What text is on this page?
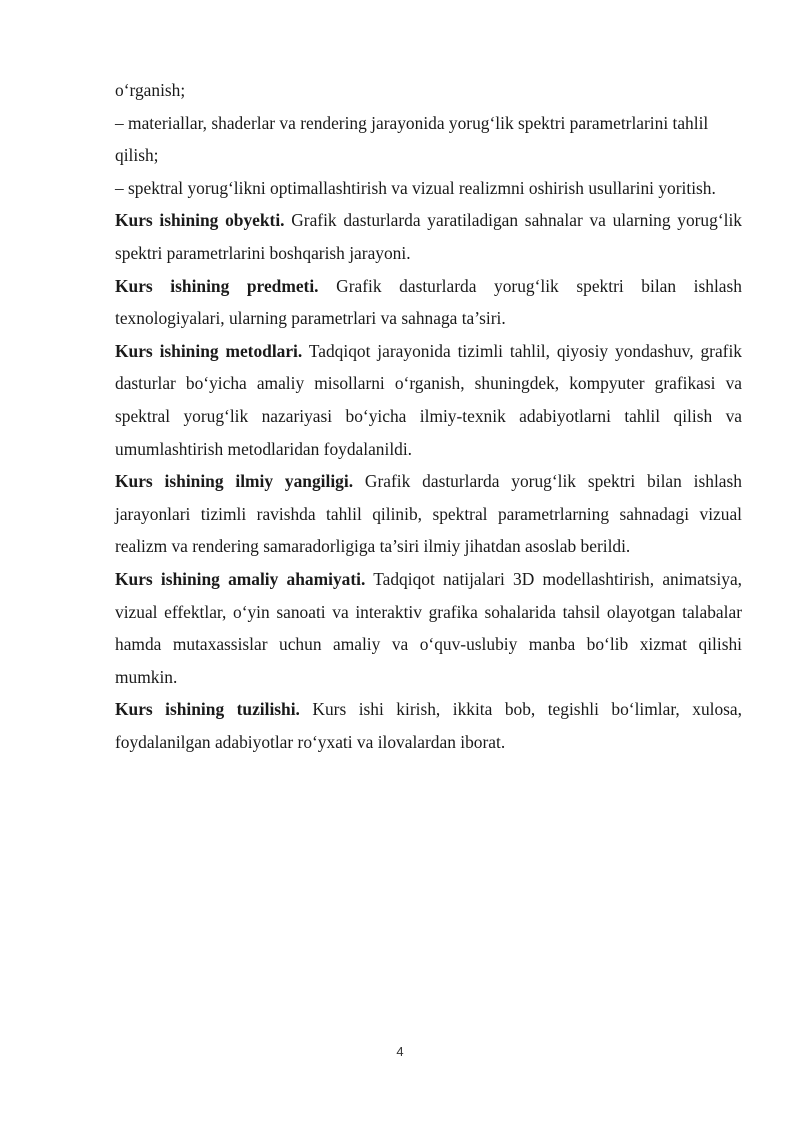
o‘rganish;

– materiallar, shaderlar va rendering jarayonida yorug‘lik spektri parametrlarini tahlil qilish;

– spektral yorug‘likni optimallashtirish va vizual realizmni oshirish usullarini yoritish.

Kurs ishining obyekti. Grafik dasturlarda yaratiladigan sahnalar va ularning yorug‘lik spektri parametrlarini boshqarish jarayoni.

Kurs ishining predmeti. Grafik dasturlarda yorug‘lik spektri bilan ishlash texnologiyalari, ularning parametrlari va sahnaga ta’siri.

Kurs ishining metodlari. Tadqiqot jarayonida tizimli tahlil, qiyosiy yondashuv, grafik dasturlar bo‘yicha amaliy misollarni o‘rganish, shuningdek, kompyuter grafikasi va spektral yorug‘lik nazariyasi bo‘yicha ilmiy-texnik adabiyotlarni tahlil qilish va umumlashtirish metodlaridan foydalanildi.

Kurs ishining ilmiy yangiligi. Grafik dasturlarda yorug‘lik spektri bilan ishlash jarayonlari tizimli ravishda tahlil qilinib, spektral parametrlarning sahnadagi vizual realizm va rendering samaradorligiga ta’siri ilmiy jihatdan asoslab berildi.

Kurs ishining amaliy ahamiyati. Tadqiqot natijalari 3D modellashtirish, animatsiya, vizual effektlar, o‘yin sanoati va interaktiv grafika sohalarida tahsil olayotgan talabalar hamda mutaxassislar uchun amaliy va o‘quv-uslubiy manba bo‘lib xizmat qilishi mumkin.

Kurs ishining tuzilishi. Kurs ishi kirish, ikkita bob, tegishli bo‘limlar, xulosa, foydalanilgan adabiyotlar ro‘yxati va ilovalardan iborat.

4
